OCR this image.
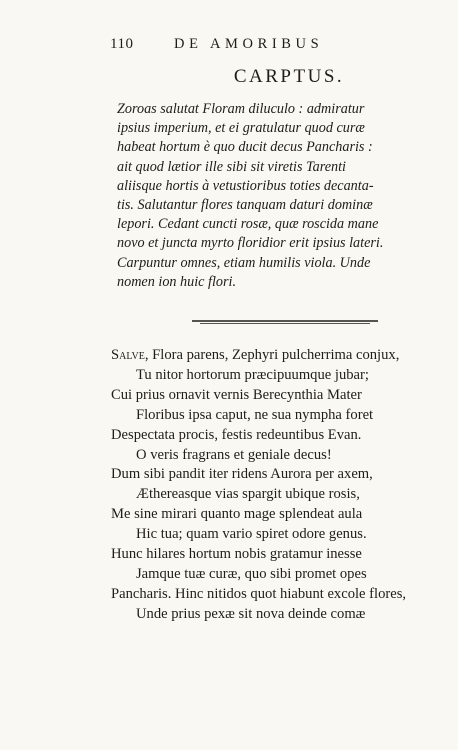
110	DE AMORIBUS
CARPTUS.
Zoroas salutat Floram diluculo : admiratur
ipsius imperium, et ei gratulatur quod curæ
habeat hortum è quo ducit decus Pancharis :
ait quod lætior ille sibi sit viretis Tarenti
aliisque hortis à vetustioribus toties decanta-
tis. Salutantur flores tanquam daturi dominæ
lepori. Cedant cuncti rosæ, quæ roscida mane
novo et juncta myrto floridior erit ipsius lateri.
Carpuntur omnes, etiam humilis viola. Unde
nomen ion huic flori.
Salve, Flora parens, Zephyri pulcherrima conjux,
Tu nitor hortorum præcipuumque jubar;
Cui prius ornavit vernis Berecynthia Mater
Floribus ipsa caput, ne sua nympha foret
Despectata procis, festis redeuntibus Evan.
O veris fragrans et geniale decus!
Dum sibi pandit iter ridens Aurora per axem,
Æthereasque vias spargit ubique rosis,
Me sine mirari quanto mage splendeat aula
Hic tua; quam vario spiret odore genus.
Hunc hilares hortum nobis gratamur inesse
Jamque tuæ curæ, quo sibi promet opes
Pancharis. Hinc nitidos quot hiabunt excole flores,
Unde prius pexæ sit nova deinde comæ
